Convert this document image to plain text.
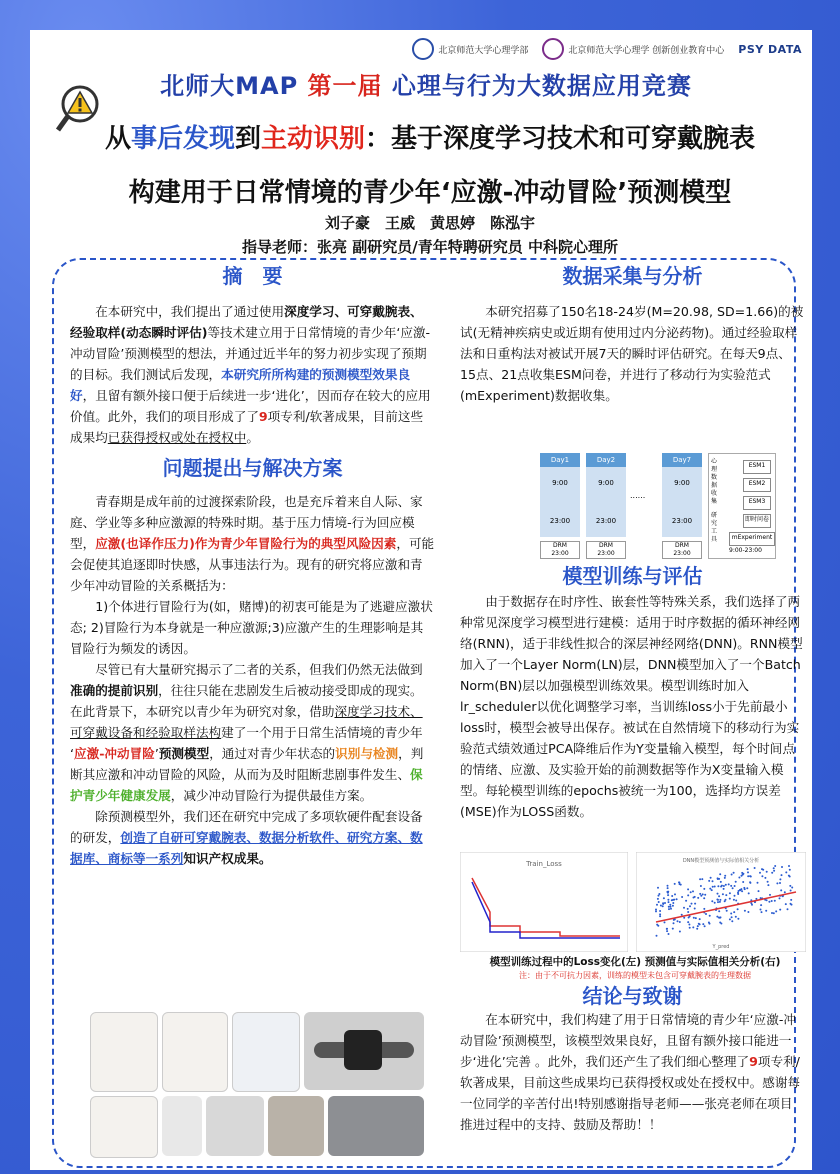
北京师范大学心理学部	北京师范大学心理学 创新创业教育中心 PSY DATA
北师大MAP 第一届 心理与行为大数据应用竞赛
从事后发现到主动识别：基于深度学习技术和可穿戴腕表
构建用于日常情境的青少年‘应激-冲动冒险’预测模型
刘子豪　王威　黄思婷　陈泓宇
指导老师：张亮 副研究员/青年特聘研究员 中科院心理所
摘　要

在本研究中，我们提出了通过使用深度学习、可穿戴腕表、经验取样(动态瞬时评估)等技术建立用于日常情境的青少年‘应激-冲动冒险’预测模型的想法，并通过近半年的努力初步实现了预期的目标。我们测试后发现，本研究所所构建的预测模型效果良好，且留有额外接口便于后续进一步‘进化’，因而存在较大的应用价值。此外，我们的项目形成了了9项专利/软著成果，目前这些成果均已获得授权或处在授权中。

问题提出与解决方案

青春期是成年前的过渡探索阶段，也是充斥着来自人际、家庭、学业等多种应激源的特殊时期。基于压力情境-行为回应模型，应激(也译作压力)作为青少年冒险行为的典型风险因素，可能会促使其追逐即时快感，从事违法行为。现有的研究将应激和青少年冲动冒险的关系概括为：

1)个体进行冒险行为(如，赌博)的初衷可能是为了逃避应激状态; 2)冒险行为本身就是一种应激源;3)应激产生的生理影响是其冒险行为频发的诱因。

尽管已有大量研究揭示了二者的关系，但我们仍然无法做到准确的提前识别，往往只能在悲剧发生后被动接受即成的现实。在此背景下，本研究以青少年为研究对象，借助深度学习技术、可穿戴设备和经验取样法构建了一个用于日常生活情境的青少年 ‘应激-冲动冒险’预测模型，通过对青少年状态的识别与检测，判断其应激和冲动冒险的风险，从而为及时阻断悲剧事件发生、保护青少年健康发展，减少冲动冒险行为提供最佳方案。

除预测模型外，我们还在研究中完成了多项软硬件配套设备的研发，创造了自研可穿戴腕表、数据分析软件、研究方案、数据库、商标等一系列知识产权成果。

数据采集与分析

本研究招募了150名18-24岁(M=20.98, SD=1.66)的被试(无精神疾病史或近期有使用过内分泌药物)。通过经验取样法和日重构法对被试开展7天的瞬时评估研究。在每天9点、15点、21点收集ESM问卷，并进行了移动行为实验范式(mExperiment)数据收集。

Day1
9:00
23:00
DRM
23:00
Day2
9:00
23:00
DRM
23:00
......
Day7
9:00
23:00
DRM
23:00
心理数据收集
研究工具
ESM1
ESM2
ESM3
即时问卷
mExperiment
9:00-23:00
模型训练与评估

由于数据存在时序性、嵌套性等特殊关系，我们选择了两种常见深度学习模型进行建模：适用于时序数据的循环神经网络(RNN)，适于非线性拟合的深层神经网络(DNN)。RNN模型加入了一个Layer Norm(LN)层，DNN模型加入了一个Batch Norm(BN)层以加强模型训练效果。模型训练时加入lr_scheduler以优化调整学习率，当训练loss小于先前最小loss时，模型会被导出保存。被试在自然情境下的移动行为实验范式绩效通过PCA降维后作为Y变量输入模型，每个时间点的情绪、应激、及实验开始的前测数据等作为X变量输入模型。每轮模型训练的epochs被统一为100，选择均方误差(MSE)作为LOSS函数。

Train_Loss	DNN模型预测值与实际值相关分析
Y_pred
模型训练过程中的Loss变化(左) 预测值与实际值相关分析(右)
注：由于不可抗力因素，训练的模型未包含可穿戴腕表的生理数据
结论与致谢

在本研究中，我们构建了用于日常情境的青少年‘应激-冲动冒险’预测模型，该模型效果良好，且留有额外接口能进一步‘进化’完善 。此外，我们还产生了我们细心整理了9项专利/软著成果，目前这些成果均已获得授权或处在授权中。感谢每一位同学的辛苦付出!特别感谢指导老师——张亮老师在项目推进过程中的支持、鼓励及帮助！！
